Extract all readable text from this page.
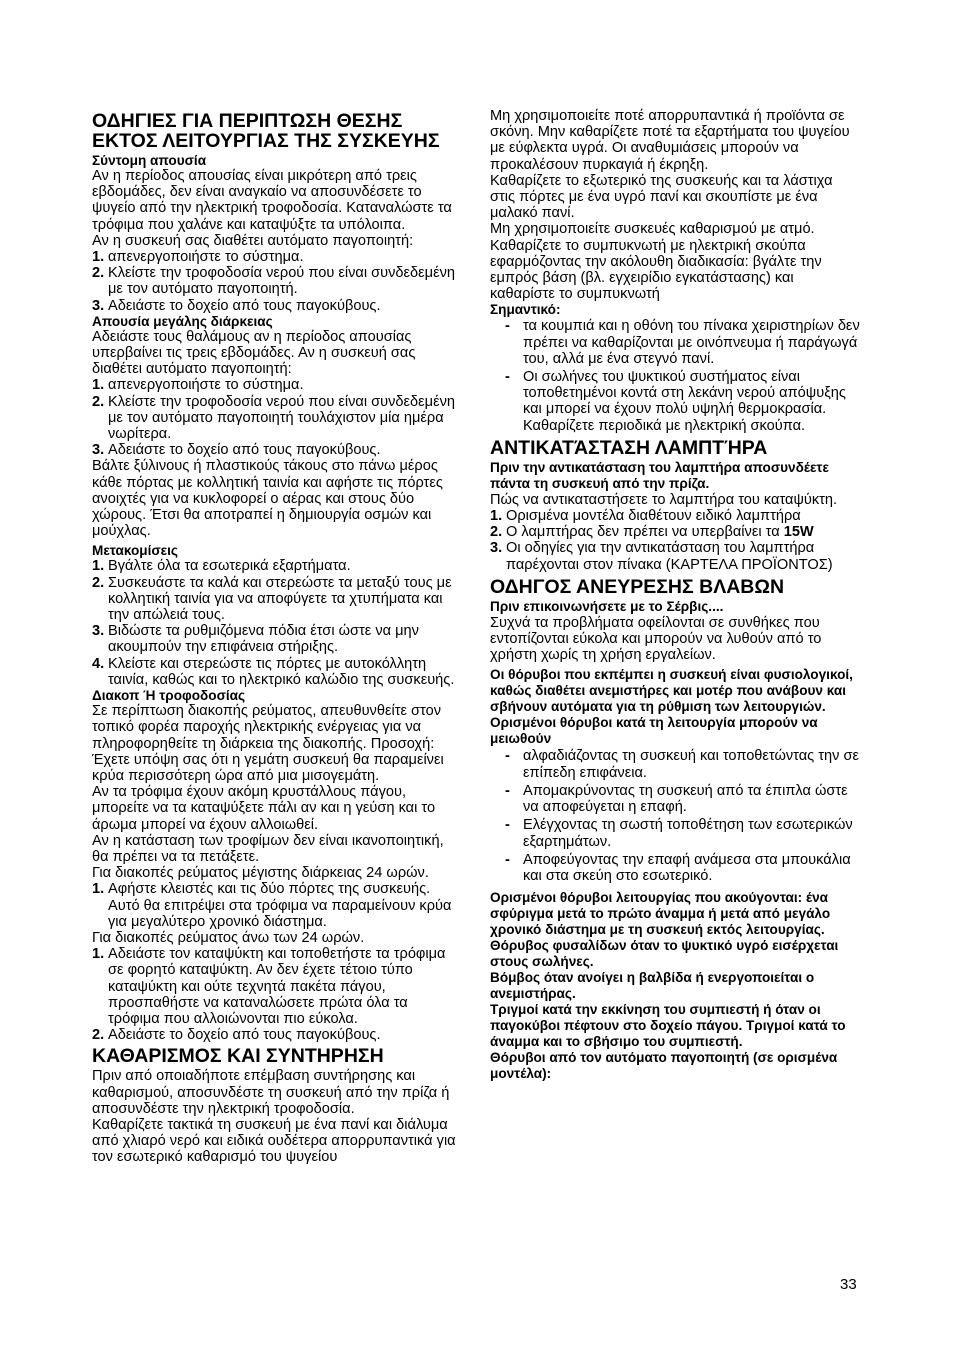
ΟΔΗΓΙΕΣ ΓΙΑ ΠΕΡΙΠΤΩΣΗ ΘΕΣΗΣ ΕΚΤΟΣ ΛΕΙΤΟΥΡΓΙΑΣ ΤΗΣ ΣΥΣΚΕΥΗΣ
Σύντομη απουσία

Αν η περίοδος απουσίας είναι μικρότερη από τρεις εβδομάδες, δεν είναι αναγκαίο να αποσυνδέσετε το ψυγείο από την ηλεκτρική τροφοδοσία. Καταναλώστε τα τρόφιμα που χαλάνε και καταψύξτε τα υπόλοιπα.

Αν η συσκευή σας διαθέτει αυτόματο παγοποιητή:

1. απενεργοποιήστε το σύστημα.
2. Κλείστε την τροφοδοσία νερού που είναι συνδεδεμένη με τον αυτόματο παγοποιητή.
3. Αδειάστε το δοχείο από τους παγοκύβους.
Απουσία μεγάλης διάρκειας

Αδειάστε τους θαλάμους αν η περίοδος απουσίας υπερβαίνει τις τρεις εβδομάδες. Αν η συσκευή σας διαθέτει αυτόματο παγοποιητή:

1. απενεργοποιήστε το σύστημα.
2. Κλείστε την τροφοδοσία νερού που είναι συνδεδεμένη με τον αυτόματο παγοποιητή τουλάχιστον μία ημέρα νωρίτερα.
3. Αδειάστε το δοχείο από τους παγοκύβους.

Βάλτε ξύλινους ή πλαστικούς τάκους στο πάνω μέρος κάθε πόρτας με κολλητική ταινία και αφήστε τις πόρτες ανοιχτές για να κυκλοφορεί ο αέρας και στους δύο χώρους. Έτσι θα αποτραπεί η δημιουργία οσμών και μούχλας.

Μετακομίσεις
1. Βγάλτε όλα τα εσωτερικά εξαρτήματα.
2. Συσκευάστε τα καλά και στερεώστε τα μεταξύ τους με κολλητική ταινία για να αποφύγετε τα χτυπήματα και την απώλειά τους.
3. Βιδώστε τα ρυθμιζόμενα πόδια έτσι ώστε να μην ακουμπούν την επιφάνεια στήριξης.
4. Κλείστε και στερεώστε τις πόρτες με αυτοκόλλητη ταινία, καθώς και το ηλεκτρικό καλώδιο της συσκευής.
Διακοπ Ή τροφοδοσίας

Σε περίπτωση διακοπής ρεύματος, απευθυνθείτε στον τοπικό φορέα παροχής ηλεκτρικής ενέργειας για να πληροφορηθείτε τη διάρκεια της διακοπής. Προσοχή: Έχετε υπόψη σας ότι η γεμάτη συσκευή θα παραμείνει κρύα περισσότερη ώρα από μια μισογεμάτη.

Αν τα τρόφιμα έχουν ακόμη κρυστάλλους πάγου, μπορείτε να τα καταψύξετε πάλι αν και η γεύση και το άρωμα μπορεί να έχουν αλλοιωθεί.

Αν η κατάσταση των τροφίμων δεν είναι ικανοποιητική, θα πρέπει να τα πετάξετε.

Για διακοπές ρεύματος μέγιστης διάρκειας 24 ωρών.

1. Αφήστε κλειστές και τις δύο πόρτες της συσκευής. Αυτό θα επιτρέψει στα τρόφιμα να παραμείνουν κρύα για μεγαλύτερο χρονικό διάστημα.

Για διακοπές ρεύματος άνω των 24 ωρών.

1. Αδειάστε τον καταψύκτη και τοποθετήστε τα τρόφιμα σε φορητό καταψύκτη. Αν δεν έχετε τέτοιο τύπο καταψύκτη και ούτε τεχνητά πακέτα πάγου, προσπαθήστε να καταναλώσετε πρώτα όλα τα τρόφιμα που αλλοιώνονται πιο εύκολα.
2. Αδειάστε το δοχείο από τους παγοκύβους.
ΚΑΘΑΡΙΣΜΟΣ ΚΑΙ ΣΥΝΤΗΡΗΣΗ

Πριν από οποιαδήποτε επέμβαση συντήρησης και καθαρισμού, αποσυνδέστε τη συσκευή από την πρίζα ή αποσυνδέστε την ηλεκτρική τροφοδοσία.

Καθαρίζετε τακτικά τη συσκευή με ένα πανί και διάλυμα από χλιαρό νερό και ειδικά ουδέτερα απορρυπαντικά για τον εσωτερικό καθαρισμό του ψυγείου

Μη χρησιμοποιείτε ποτέ απορρυπαντικά ή προϊόντα σε σκόνη. Μην καθαρίζετε ποτέ τα εξαρτήματα του ψυγείου με εύφλεκτα υγρά. Οι αναθυμιάσεις μπορούν να προκαλέσουν πυρκαγιά ή έκρηξη.

Καθαρίζετε το εξωτερικό της συσκευής και τα λάστιχα στις πόρτες με ένα υγρό πανί και σκουπίστε με ένα μαλακό πανί.

Μη χρησιμοποιείτε συσκευές καθαρισμού με ατμό.

Καθαρίζετε το συμπυκνωτή με ηλεκτρική σκούπα εφαρμόζοντας την ακόλουθη διαδικασία: βγάλτε την εμπρός βάση (βλ. εγχειρίδιο εγκατάστασης) και καθαρίστε το συμπυκνωτή

Σημαντικό:
- τα κουμπιά και η οθόνη του πίνακα χειριστηρίων δεν πρέπει να καθαρίζονται με οινόπνευμα ή παράγωγά του, αλλά με ένα στεγνό πανί.
- Οι σωλήνες του ψυκτικού συστήματος είναι τοποθετημένοι κοντά στη λεκάνη νερού απόψυξης και μπορεί να έχουν πολύ υψηλή θερμοκρασία. Καθαρίζετε περιοδικά με ηλεκτρική σκούπα.
ΑΝΤΙΚΑΤΆΣΤΑΣΗ ΛΑΜΠΤΉΡΑ
Πριν την αντικατάσταση του λαμπτήρα αποσυνδέετε πάντα τη συσκευή από την πρίζα.

Πώς να αντικαταστήσετε το λαμπτήρα του καταψύκτη.

1. Ορισμένα μοντέλα διαθέτουν ειδικό λαμπτήρα
2. Ο λαμπτήρας δεν πρέπει να υπερβαίνει τα 15W
3. Οι οδηγίες για την αντικατάσταση του λαμπτήρα παρέχονται στον πίνακα (ΚΑΡΤΕΛΑ ΠΡΟΪΟΝΤΟΣ)
ΟΔΗΓΟΣ ΑΝΕΥΡΕΣΗΣ ΒΛΑΒΩΝ
Πριν επικοινωνήσετε με το Σέρβις....

Συχνά τα προβλήματα οφείλονται σε συνθήκες που εντοπίζονται εύκολα και μπορούν να λυθούν από το χρήστη χωρίς τη χρήση εργαλείων.

Οι θόρυβοι που εκπέμπει η συσκευή είναι φυσιολογικοί, καθώς διαθέτει ανεμιστήρες και μοτέρ που ανάβουν και σβήνουν αυτόματα για τη ρύθμιση των λειτουργιών.
Ορισμένοι θόρυβοι κατά τη λειτουργία μπορούν να μειωθούν
- αλφαδιάζοντας τη συσκευή και τοποθετώντας την σε επίπεδη επιφάνεια.
- Απομακρύνοντας τη συσκευή από τα έπιπλα ώστε να αποφεύγεται η επαφή.
- Ελέγχοντας τη σωστή τοποθέτηση των εσωτερικών εξαρτημάτων.
- Αποφεύγοντας την επαφή ανάμεσα στα μπουκάλια και στα σκεύη στο εσωτερικό.
Ορισμένοι θόρυβοι λειτουργίας που ακούγονται: ένα σφύριγμα μετά το πρώτο άναμμα ή μετά από μεγάλο χρονικό διάστημα με τη συσκευή εκτός λειτουργίας.
Θόρυβος φυσαλίδων όταν το ψυκτικό υγρό εισέρχεται στους σωλήνες.
Βόμβος όταν ανοίγει η βαλβίδα ή ενεργοποιείται ο ανεμιστήρας.
Τριγμοί κατά την εκκίνηση του συμπιεστή ή όταν οι παγοκύβοι πέφτουν στο δοχείο πάγου. Τριγμοί κατά το άναμμα και το σβήσιμο του συμπιεστή.
Θόρυβοι από τον αυτόματο παγοποιητή (σε ορισμένα μοντέλα):
33
